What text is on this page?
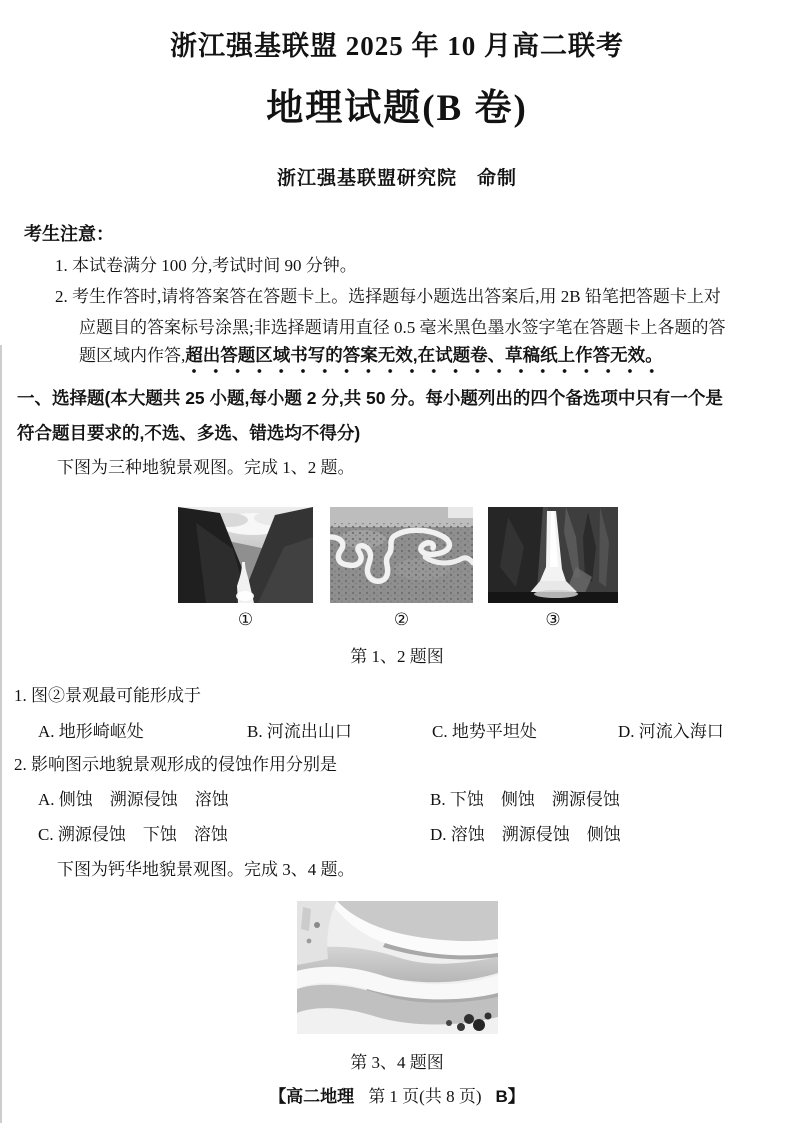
浙江强基联盟 2025 年 10 月高二联考
地理试题(B 卷)
浙江强基联盟研究院　命制
考生注意：
1. 本试卷满分 100 分,考试时间 90 分钟。
2. 考生作答时,请将答案答在答题卡上。选择题每小题选出答案后,用 2B 铅笔把答题卡上对
应题目的答案标号涂黑;非选择题请用直径 0.5 毫米黑色墨水签字笔在答题卡上各题的答
题区域内作答,超出答题区域书写的答案无效,在试题卷、草稿纸上作答无效。
一、选择题(本大题共 25 小题,每小题 2 分,共 50 分。每小题列出的四个备选项中只有一个是
符合题目要求的,不选、多选、错选均不得分)
下图为三种地貌景观图。完成 1、2 题。
①	②	③
第 1、2 题图
1. 图②景观最可能形成于
A. 地形崎岖处	B. 河流出山口	C. 地势平坦处	D. 河流入海口
2. 影响图示地貌景观形成的侵蚀作用分别是
A. 侧蚀　溯源侵蚀　溶蚀	B. 下蚀　侧蚀　溯源侵蚀
C. 溯源侵蚀　下蚀　溶蚀	D. 溶蚀　溯源侵蚀　侧蚀
下图为钙华地貌景观图。完成 3、4 题。
第 3、4 题图
【高二地理 第 1 页(共 8 页) B】
